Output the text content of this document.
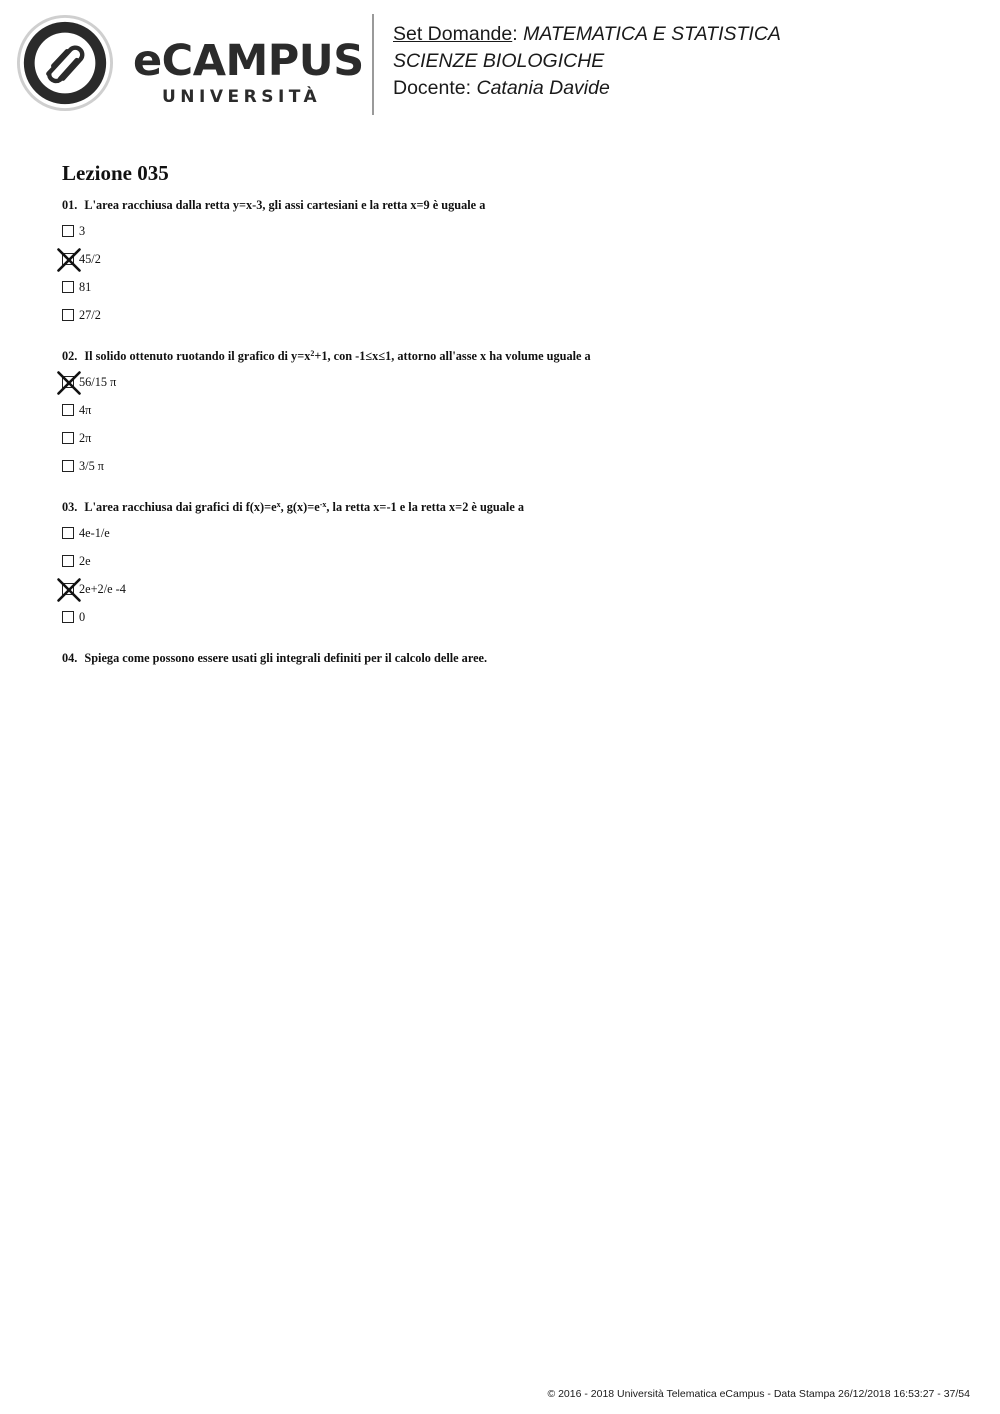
eCAMPUS
UNIVERSITÀ
Set Domande: MATEMATICA E STATISTICA
SCIENZE BIOLOGICHE
Docente: Catania Davide
Lezione 035
01. L'area racchiusa dalla retta y=x-3, gli assi cartesiani e la retta x=9 è uguale a
3
45/2
81
27/2
02. Il solido ottenuto ruotando il grafico di $y=x^2+1$, con -1≤x≤1, attorno all'asse x ha volume uguale a
56/15 π
4π
2π
3/5 π
03. L'area racchiusa dai grafici di $f(x)=e^x$, $g(x)=e^{-x}$, la retta x=-1 e la retta x=2 è uguale a
4e-1/e
2e
2e+2/e -4
0
04. Spiega come possono essere usati gli integrali definiti per il calcolo delle aree.
© 2016 - 2018 Università Telematica eCampus - Data Stampa 26/12/2018 16:53:27 - 37/54
